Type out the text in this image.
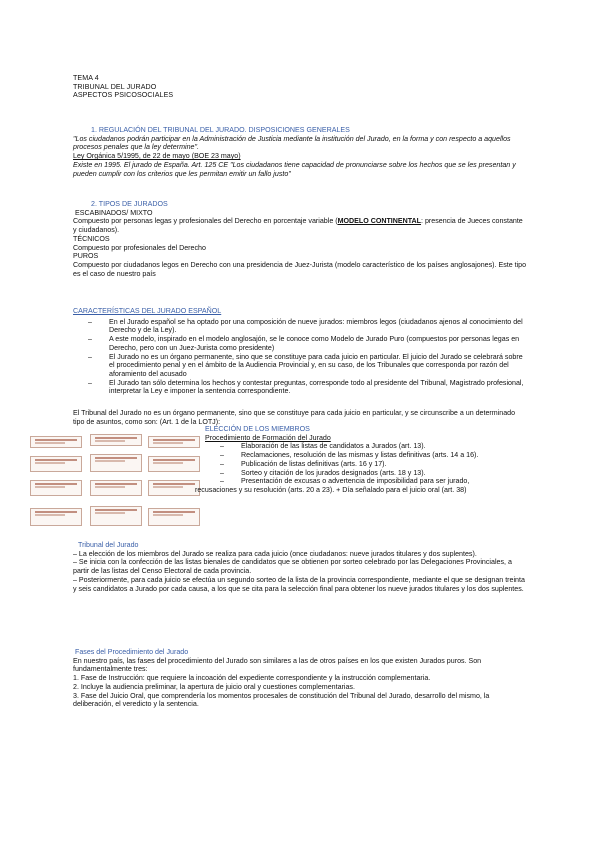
TEMA 4

TRIBUNAL DEL JURADO

ASPECTOS PSICOSOCIALES

1. REGULACIÓN DEL TRIBUNAL DEL JURADO. DISPOSICIONES GENERALES

"Los ciudadanos podrán participar en la Administración de Justicia mediante la institución del Jurado, en la forma y con respecto a aquellos procesos penales que la ley determine".

Ley Orgánica 5/1995, de 22 de mayo (BOE 23 mayo)

Existe en 1995. El jurado de España. Art. 125 CE "Los ciudadanos tiene capacidad de pronunciarse sobre los hechos que se les presentan y pueden cumplir con los criterios que les permitan emitir un fallo justo"

2. TIPOS DE JURADOS

ESCABINADOS/ MIXTO

Compuesto por personas legas y profesionales del Derecho en porcentaje variable (MODELO CONTINENTAL: presencia de Jueces constante y ciudadanos).

TÉCNICOS

Compuesto por profesionales del Derecho

PUROS

Compuesto por ciudadanos legos en Derecho con una presidencia de Juez-Jurista (modelo característico de los países anglosajones). Este tipo es el caso de nuestro país

CARACTERÍSTICAS DEL JURADO ESPAÑOL

– En el Jurado español se ha optado por una composición de nueve jurados: miembros legos (ciudadanos ajenos al conocimiento del Derecho y de la Ley).
– A este modelo, inspirado en el modelo anglosajón, se le conoce como Modelo de Jurado Puro (compuestos por personas legas en Derecho, pero con un Juez-Jurista como presidente)
– El Jurado no es un órgano permanente, sino que se constituye para cada juicio en particular. El juicio del Jurado se celebrará sobre el procedimiento penal y en el ámbito de la Audiencia Provincial y, en su caso, de los Tribunales que corresponda por razón del aforamiento del acusado
– El Jurado tan sólo determina los hechos y contestar preguntas, corresponde todo al presidente del Tribunal, Magistrado profesional, interpretar la Ley e imponer la sentencia correspondiente.

El Tribunal del Jurado no es un órgano permanente, sino que se constituye para cada juicio en particular, y se circunscribe a un determinado tipo de asuntos, como son: (Art. 1 de la LOTJ):

ELECCIÓN DE LOS MIEMBROS

Procedimiento de Formación del Jurado

– Elaboración de las listas de candidatos a Jurados (art. 13).
– Reclamaciones, resolución de las mismas y listas definitivas (arts. 14 a 16).
– Publicación de listas definitivas (arts. 16 y 17).
– Sorteo y citación de los jurados designados (arts. 18 y 13).
– Presentación de excusas o advertencia de imposibilidad para ser jurado,

recusaciones y su resolución (arts. 20 a 23). + Día señalado para el juicio oral (art. 38)

Tribunal del Jurado

– La elección de los miembros del Jurado se realiza para cada juicio (once ciudadanos: nueve jurados titulares y dos suplentes).

– Se inicia con la confección de las listas bienales de candidatos que se obtienen por sorteo celebrado por las Delegaciones Provinciales, a partir de las listas del Censo Electoral de cada provincia.

– Posteriormente, para cada juicio se efectúa un segundo sorteo de la lista de la provincia correspondiente, mediante el que se designan treinta y seis candidatos a Jurado por cada causa, a los que se cita para la selección final para obtener los nueve jurados titulares y los dos suplentes.

Fases del Procedimiento del Jurado

En nuestro país, las fases del procedimiento del Jurado son similares a las de otros países en los que existen Jurados puros. Son fundamentalmente tres:

1. Fase de Instrucción: que requiere la incoación del expediente correspondiente y la instrucción complementaria.

2. Incluye la audiencia preliminar, la apertura de juicio oral y cuestiones complementarias.

3. Fase del Juicio Oral, que comprendería los momentos procesales de constitución del Tribunal del Jurado, desarrollo del mismo, la deliberación, el veredicto y la sentencia.
